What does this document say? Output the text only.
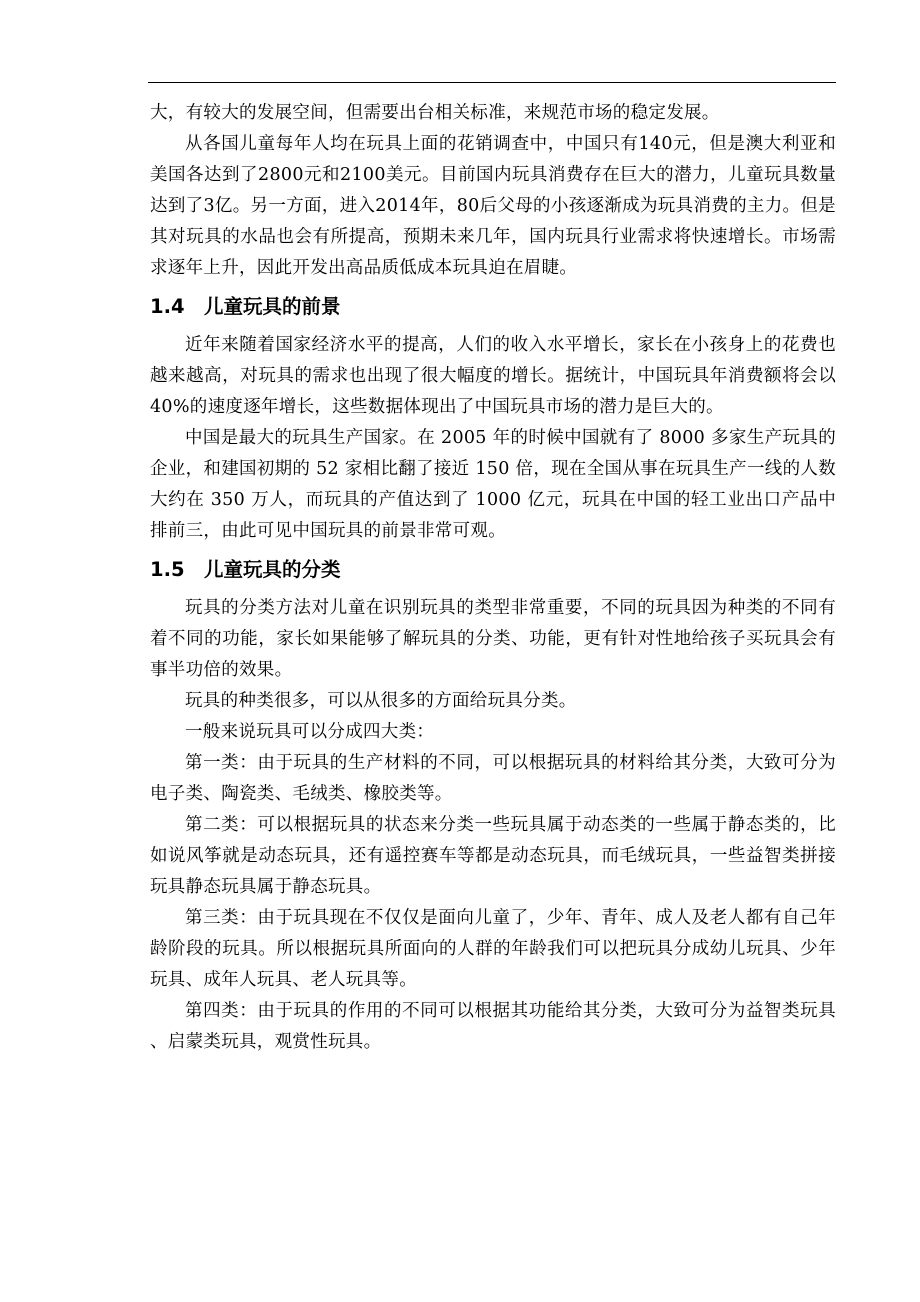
大，有较大的发展空间，但需要出台相关标准，来规范市场的稳定发展。

从各国儿童每年人均在玩具上面的花销调查中，中国只有140元，但是澳大利亚和美国各达到了2800元和2100美元。目前国内玩具消费存在巨大的潜力，儿童玩具数量达到了3亿。另一方面，进入2014年，80后父母的小孩逐渐成为玩具消费的主力。但是其对玩具的水品也会有所提高，预期未来几年，国内玩具行业需求将快速增长。市场需求逐年上升，因此开发出高品质低成本玩具迫在眉睫。

1.4 儿童玩具的前景

近年来随着国家经济水平的提高，人们的收入水平增长，家长在小孩身上的花费也越来越高，对玩具的需求也出现了很大幅度的增长。据统计，中国玩具年消费额将会以 40%的速度逐年增长，这些数据体现出了中国玩具市场的潜力是巨大的。

中国是最大的玩具生产国家。在 2005 年的时候中国就有了 8000 多家生产玩具的企业，和建国初期的 52 家相比翻了接近 150 倍，现在全国从事在玩具生产一线的人数大约在 350 万人，而玩具的产值达到了 1000 亿元，玩具在中国的轻工业出口产品中排前三，由此可见中国玩具的前景非常可观。

1.5 儿童玩具的分类

玩具的分类方法对儿童在识别玩具的类型非常重要，不同的玩具因为种类的不同有着不同的功能，家长如果能够了解玩具的分类、功能，更有针对性地给孩子买玩具会有事半功倍的效果。

玩具的种类很多，可以从很多的方面给玩具分类。

一般来说玩具可以分成四大类：

第一类：由于玩具的生产材料的不同，可以根据玩具的材料给其分类，大致可分为电子类、陶瓷类、毛绒类、橡胶类等。

第二类：可以根据玩具的状态来分类一些玩具属于动态类的一些属于静态类的，比如说风筝就是动态玩具，还有遥控赛车等都是动态玩具，而毛绒玩具，一些益智类拼接玩具静态玩具属于静态玩具。

第三类：由于玩具现在不仅仅是面向儿童了，少年、青年、成人及老人都有自己年龄阶段的玩具。所以根据玩具所面向的人群的年龄我们可以把玩具分成幼儿玩具、少年玩具、成年人玩具、老人玩具等。

第四类：由于玩具的作用的不同可以根据其功能给其分类，大致可分为益智类玩具 、启蒙类玩具，观赏性玩具。
